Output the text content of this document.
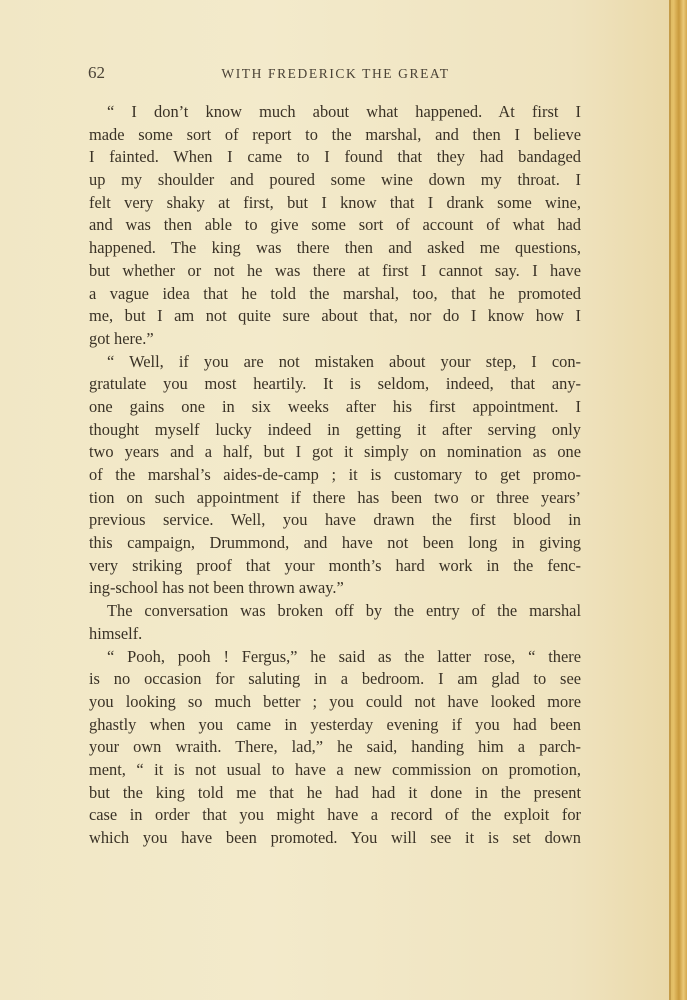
62	WITH FREDERICK THE GREAT
“ I don’t know much about what happened. At first I
made some sort of report to the marshal, and then I believe
I fainted. When I came to I found that they had bandaged
up my shoulder and poured some wine down my throat. I
felt very shaky at first, but I know that I drank some wine,
and was then able to give some sort of account of what had
happened. The king was there then and asked me questions,
but whether or not he was there at first I cannot say. I have
a vague idea that he told the marshal, too, that he promoted
me, but I am not quite sure about that, nor do I know how I
got here.”
“ Well, if you are not mistaken about your step, I con-
gratulate you most heartily. It is seldom, indeed, that any-
one gains one in six weeks after his first appointment. I
thought myself lucky indeed in getting it after serving only
two years and a half, but I got it simply on nomination as one
of the marshal’s aides-de-camp ; it is customary to get promo-
tion on such appointment if there has been two or three years’
previous service. Well, you have drawn the first blood in
this campaign, Drummond, and have not been long in giving
very striking proof that your month’s hard work in the fenc-
ing-school has not been thrown away.”
The conversation was broken off by the entry of the marshal
himself.
“ Pooh, pooh ! Fergus,” he said as the latter rose, “ there
is no occasion for saluting in a bedroom. I am glad to see
you looking so much better ; you could not have looked more
ghastly when you came in yesterday evening if you had been
your own wraith. There, lad,” he said, handing him a parch-
ment, “ it is not usual to have a new commission on promotion,
but the king told me that he had had it done in the present
case in order that you might have a record of the exploit for
which you have been promoted. You will see it is set down
